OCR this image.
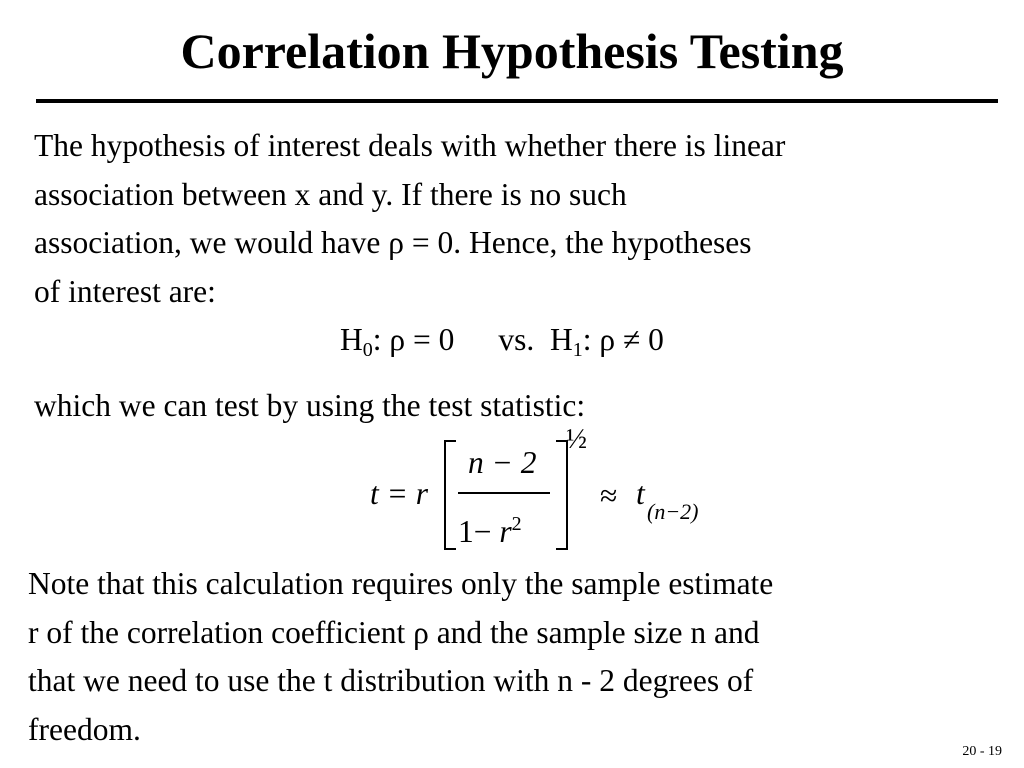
Correlation Hypothesis Testing
The hypothesis of interest deals with whether there is linear
association between x and y. If there is no such
association, we would have ρ = 0. Hence, the hypotheses
of interest are:
$H_0$: ρ = 0 vs. $H_1$: ρ ≠ 0
which we can test by using the test statistic:
t = r
n − 2
$1- r^2$
½
≈ t
(n−2)
Note that this calculation requires only the sample estimate
r of the correlation coefficient ρ and the sample size n and
that we need to use the t distribution with n - 2 degrees of
freedom.
20 - 19
